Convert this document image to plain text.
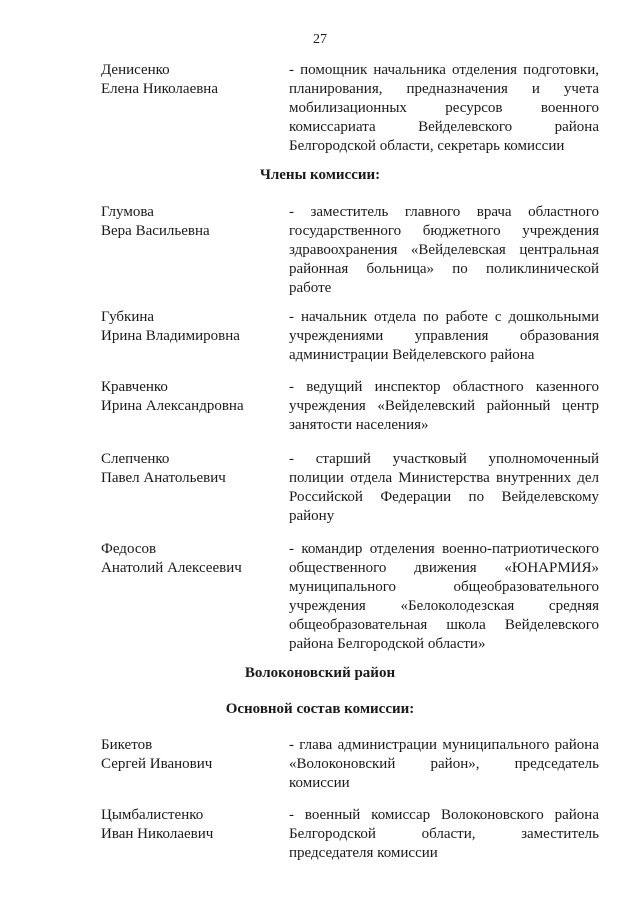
27
Денисенко
Елена Николаевна
- помощник начальника отделения подготовки, планирования, предназначения и учета мобилизационных ресурсов военного комиссариата Вейделевского района Белгородской области, секретарь комиссии
Члены комиссии:
Глумова
Вера Васильевна
- заместитель главного врача областного государственного бюджетного учреждения здравоохранения «Вейделевская центральная районная больница» по поликлинической работе
Губкина
Ирина Владимировна
- начальник отдела по работе с дошкольными учреждениями управления образования администрации Вейделевского района
Кравченко
Ирина Александровна
- ведущий инспектор областного казенного учреждения «Вейделевский районный центр занятости населения»
Слепченко
Павел Анатольевич
- старший участковый уполномоченный полиции отдела Министерства внутренних дел Российской Федерации по Вейделевскому району
Федосов
Анатолий Алексеевич
- командир отделения военно-патриотического общественного движения «ЮНАРМИЯ» муниципального общеобразовательного учреждения «Белоколодезская средняя общеобразовательная школа Вейделевского района Белгородской области»
Волоконовский район
Основной состав комиссии:
Бикетов
Сергей Иванович
- глава администрации муниципального района «Волоконовский район», председатель комиссии
Цымбалистенко
Иван Николаевич
- военный комиссар Волоконовского района Белгородской области, заместитель председателя комиссии
